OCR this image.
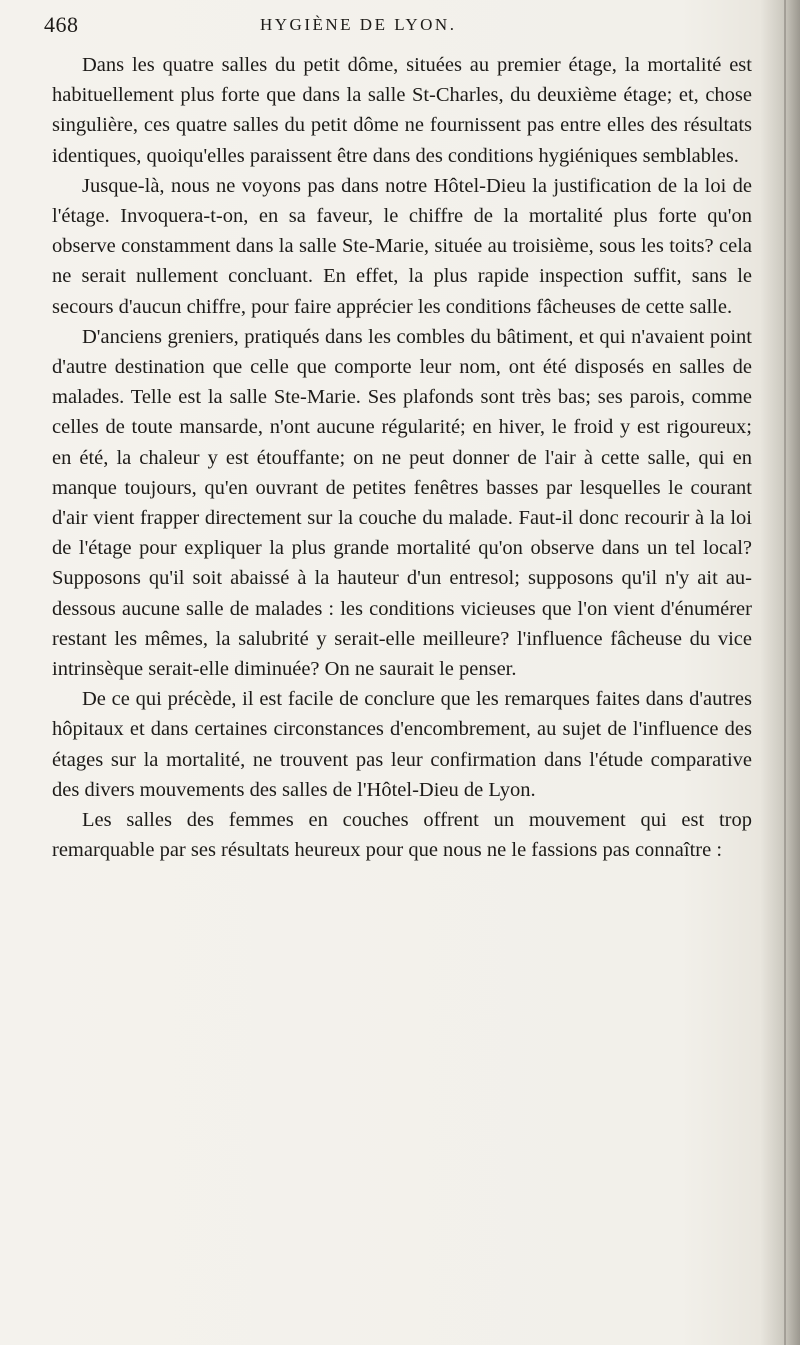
468	HYGIÈNE DE LYON.

Dans les quatre salles du petit dôme, situées au premier étage, la mortalité est habituellement plus forte que dans la salle St-Charles, du deuxième étage; et, chose singulière, ces quatre salles du petit dôme ne fournissent pas entre elles des résultats identiques, quoiqu'elles paraissent être dans des conditions hygiéniques semblables.

Jusque-là, nous ne voyons pas dans notre Hôtel-Dieu la justification de la loi de l'étage. Invoquera-t-on, en sa faveur, le chiffre de la mortalité plus forte qu'on observe constamment dans la salle Ste-Marie, située au troisième, sous les toits? cela ne serait nullement concluant. En effet, la plus rapide inspection suffit, sans le secours d'aucun chiffre, pour faire apprécier les conditions fâcheuses de cette salle.

D'anciens greniers, pratiqués dans les combles du bâtiment, et qui n'avaient point d'autre destination que celle que comporte leur nom, ont été disposés en salles de malades. Telle est la salle Ste-Marie. Ses plafonds sont très bas; ses parois, comme celles de toute mansarde, n'ont aucune régularité; en hiver, le froid y est rigoureux; en été, la chaleur y est étouffante; on ne peut donner de l'air à cette salle, qui en manque toujours, qu'en ouvrant de petites fenêtres basses par lesquelles le courant d'air vient frapper directement sur la couche du malade. Faut-il donc recourir à la loi de l'étage pour expliquer la plus grande mortalité qu'on observe dans un tel local? Supposons qu'il soit abaissé à la hauteur d'un entresol; supposons qu'il n'y ait au-dessous aucune salle de malades : les conditions vicieuses que l'on vient d'énumérer restant les mêmes, la salubrité y serait-elle meilleure? l'influence fâcheuse du vice intrinsèque serait-elle diminuée? On ne saurait le penser.

De ce qui précède, il est facile de conclure que les remarques faites dans d'autres hôpitaux et dans certaines circonstances d'encombrement, au sujet de l'influence des étages sur la mortalité, ne trouvent pas leur confirmation dans l'étude comparative des divers mouvements des salles de l'Hôtel-Dieu de Lyon.

Les salles des femmes en couches offrent un mouvement qui est trop remarquable par ses résultats heureux pour que nous ne le fassions pas connaître :
